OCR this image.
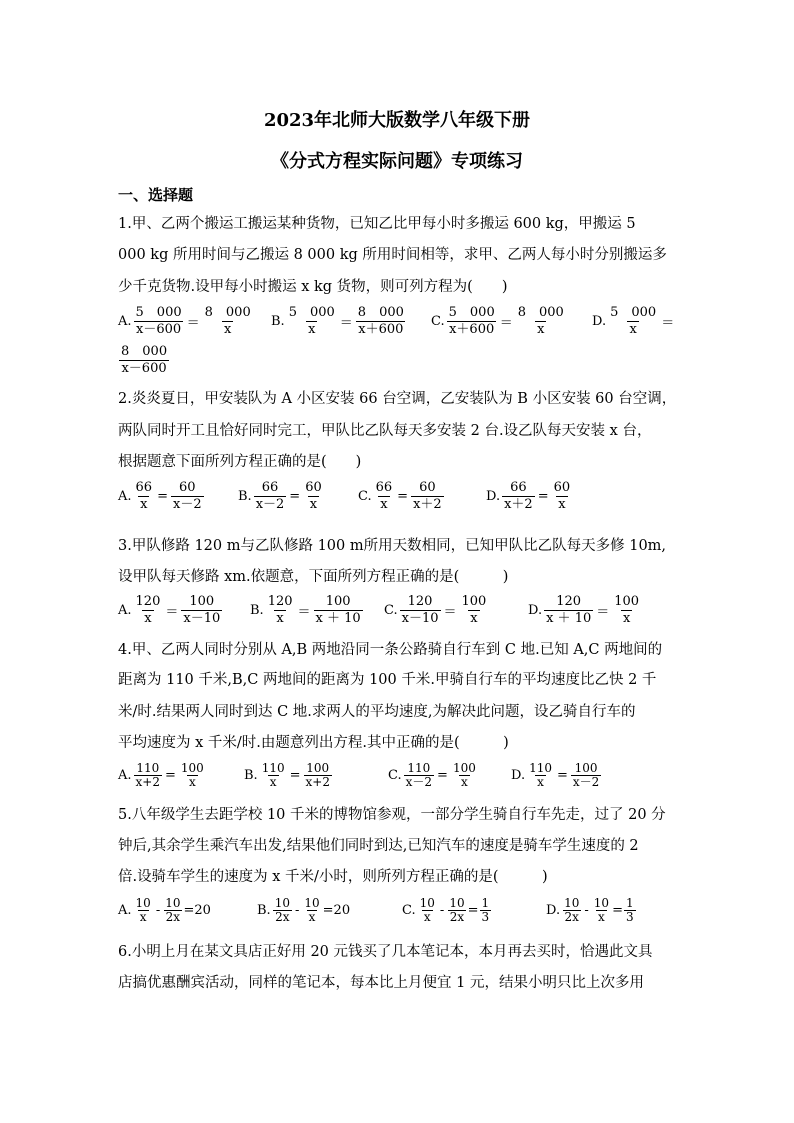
2023年北师大版数学八年级下册
《分式方程实际问题》专项练习
一、选择题
1.甲、乙两个搬运工搬运某种货物，已知乙比甲每小时多搬运 600 kg，甲搬运 5
000 kg 所用时间与乙搬运 8 000 kg 所用时间相等，求甲、乙两人每小时分别搬运多
少千克货物.设甲每小时搬运 x kg 货物，则可列方程为(　　)
A. $\frac{5 000}{x-600} = \frac{8 000}{x} B$. $\frac{5 000}{x} = \frac{8 000}{x+600} C$. $\frac{5 000}{x+600} = \frac{8 000}{x} D$. $\frac{5 000}{x}$ ＝
$\frac{8 000}{x-600}$
2.炎炎夏日，甲安装队为 A 小区安装 66 台空调，乙安装队为 B 小区安装 60 台空调，
两队同时开工且恰好同时完工，甲队比乙队每天多安装 2 台.设乙队每天安装 x 台，
根据题意下面所列方程正确的是(　　)
A. $\frac{66}{x} = \frac{60}{x-2}$	B. $\frac{66}{x-2} = \frac{60}{x}$	C. $\frac{66}{x} = \frac{60}{x+2}$	D. $\frac{66}{x+2} = \frac{60}{x}$
3.甲队修路 120 m与乙队修路 100 m所用天数相同，已知甲队比乙队每天多修 10m,
设甲队每天修路 xm.依题意，下面所列方程正确的是(　　　)
A. $\frac{120}{x} = \frac{100}{x-10} B$. $\frac{120}{x} = \frac{100}{x + 10} C$. $\frac{120}{x-10} = \frac{100}{x}$	D. $\frac{120}{x + 10} = \frac{100}{x}$
4.甲、乙两人同时分别从 A,B 两地沿同一条公路骑自行车到 C 地.已知 A,C 两地间的
距离为 110 千米,B,C 两地间的距离为 100 千米.甲骑自行车的平均速度比乙快 2 千
米/时.结果两人同时到达 C 地.求两人的平均速度,为解决此问题，设乙骑自行车的
平均速度为 x 千米/时.由题意列出方程.其中正确的是(　　　)
A. $\frac{110}{x+2} = \frac{100}{x}$	B. $\frac{110}{x} = \frac{100}{x+2}$	C. $\frac{110}{x-2} = \frac{100}{x}$	D. $\frac{110}{x} = \frac{100}{x-2}$
5.八年级学生去距学校 10 千米的博物馆参观，一部分学生骑自行车先走，过了 20 分
钟后,其余学生乘汽车出发,结果他们同时到达,已知汽车的速度是骑车学生速度的 2
倍.设骑车学生的速度为 x 千米/小时，则所列方程正确的是(　　　)
A. $\frac{10}{x} - \frac{10}{2x} =20$	B. $\frac{10}{2x} - \frac{10}{x} =20$	C. $\frac{10}{x} - \frac{10}{2x} = \frac{1}{3}$	D. $\frac{10}{2x} - \frac{10}{x} = \frac{1}{3}$
6.小明上月在某文具店正好用 20 元钱买了几本笔记本，本月再去买时，恰遇此文具
店搞优惠酬宾活动，同样的笔记本，每本比上月便宜 1 元，结果小明只比上次多用
